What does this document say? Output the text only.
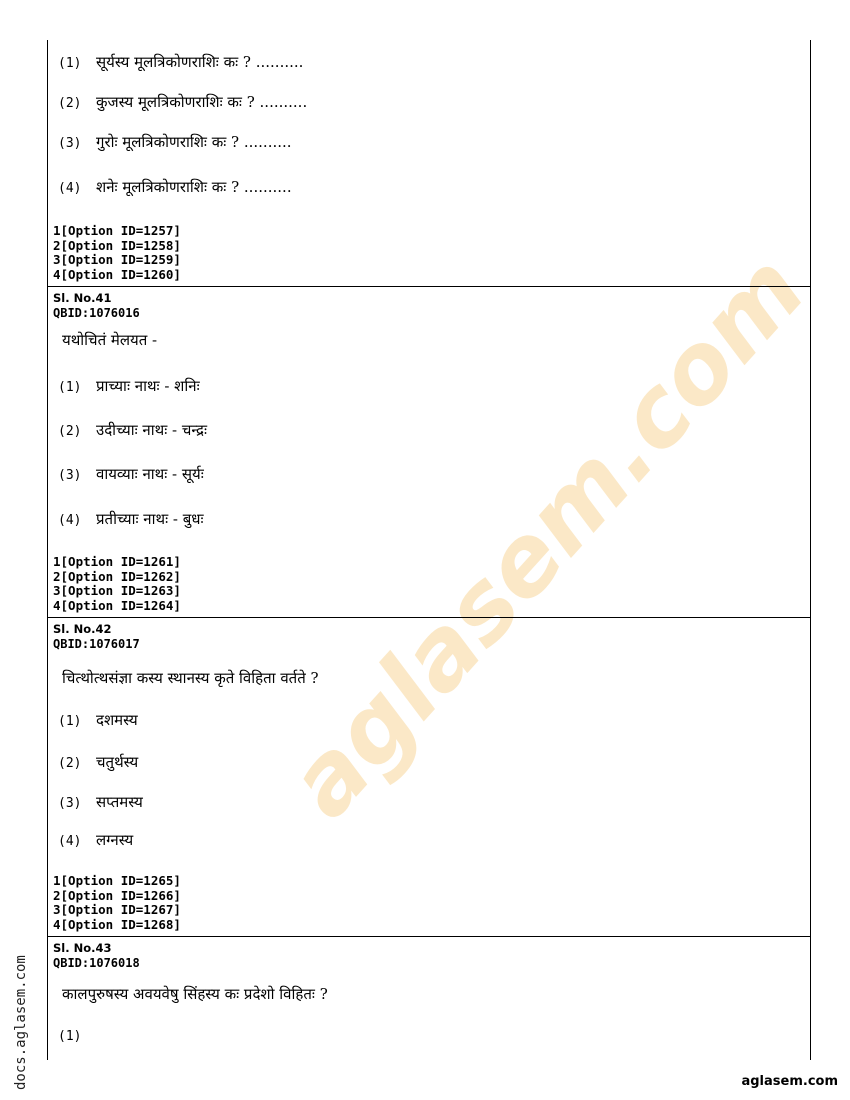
aglasem.com
(1) सूर्यस्य मूलत्रिकोणराशिः कः ? ..........
(2) कुजस्य मूलत्रिकोणराशिः कः ? ..........
(3) गुरोः मूलत्रिकोणराशिः कः ? ..........
(4) शनेः मूलत्रिकोणराशिः कः ? ..........
1[Option ID=1257]
2[Option ID=1258]
3[Option ID=1259]
4[Option ID=1260]
Sl. No.41
QBID:1076016
यथोचितं मेलयत -
(1) प्राच्याः नाथः - शनिः
(2) उदीच्याः नाथः - चन्द्रः
(3) वायव्याः नाथः - सूर्यः
(4) प्रतीच्याः नाथः - बुधः
1[Option ID=1261]
2[Option ID=1262]
3[Option ID=1263]
4[Option ID=1264]
Sl. No.42
QBID:1076017
चित्थोत्थसंज्ञा कस्य स्थानस्य कृते विहिता वर्तते ?
(1) दशमस्य
(2) चतुर्थस्य
(3) सप्तमस्य
(4) लग्नस्य
1[Option ID=1265]
2[Option ID=1266]
3[Option ID=1267]
4[Option ID=1268]
Sl. No.43
QBID:1076018
कालपुरुषस्य अवयवेषु सिंहस्य कः प्रदेशो विहितः ?
(1)
docs.aglasem.com	aglasem.com
